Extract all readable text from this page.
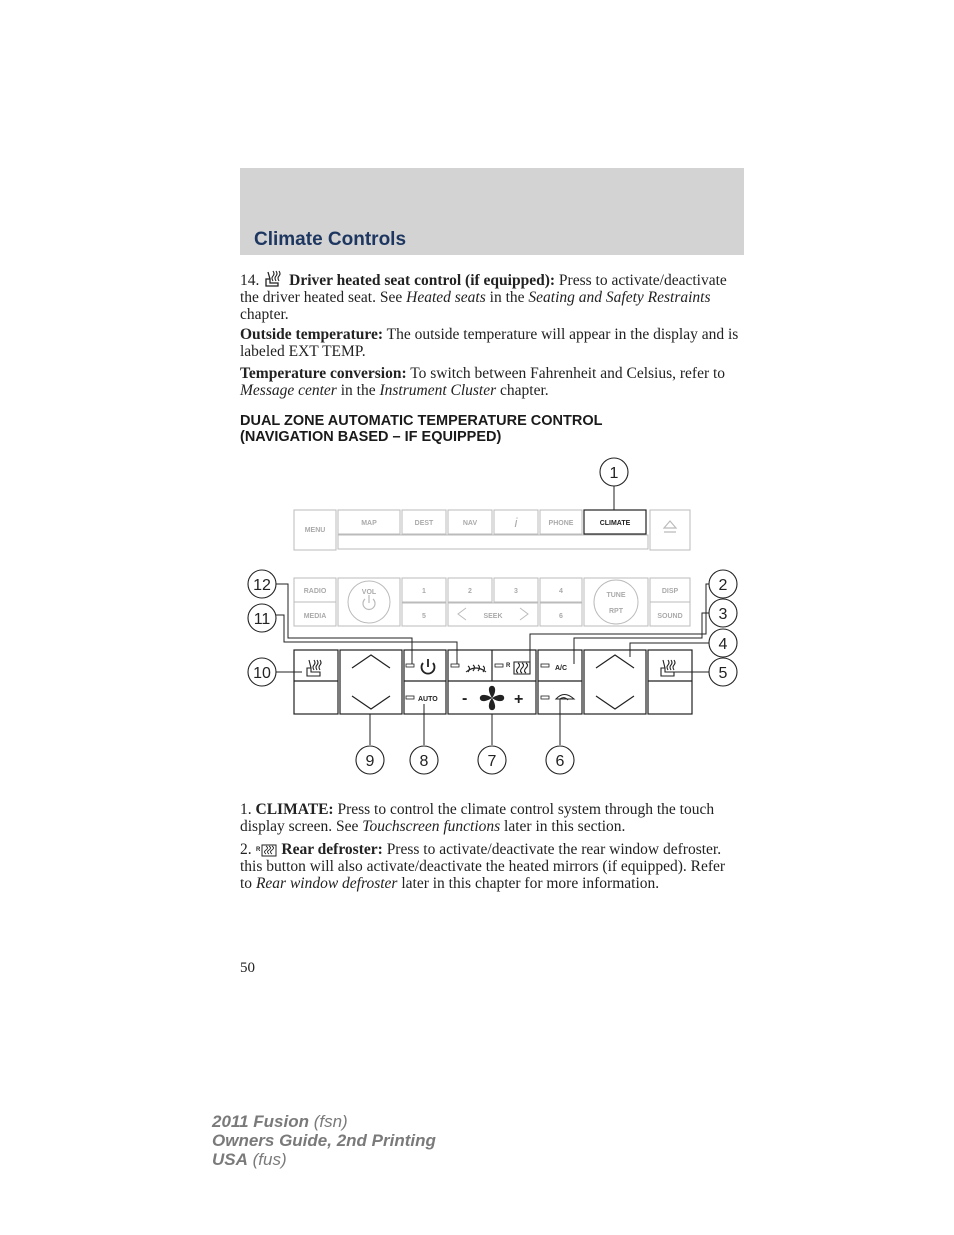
Climate Controls

14. Driver heated seat control (if equipped): Press to activate/deactivate the driver heated seat. See Heated seats in the Seating and Safety Restraints chapter.

Outside temperature: The outside temperature will appear in the display and is labeled EXT TEMP.

Temperature conversion: To switch between Fahrenheit and Celsius, refer to Message center in the Instrument Cluster chapter.

DUAL ZONE AUTOMATIC TEMPERATURE CONTROL
(NAVIGATION BASED – IF EQUIPPED)
MENU
MAP	DEST	NAV	i	PHONE	CLIMATE
RADIO
MEDIA
VOL	1	2	3	4
5	SEEK	6
TUNE
RPT
DISP
SOUND
R	A/C
AUTO -	+
1
2
3
4
5
6
7
8
9
10
11
12

1. CLIMATE: Press to control the climate control system through the touch display screen. See Touchscreen functions later in this section.

2. R Rear defroster: Press to activate/deactivate the rear window defroster. this button will also activate/deactivate the heated mirrors (if equipped). Refer to Rear window defroster later in this chapter for more information.

50
2011 Fusion (fsn)
Owners Guide, 2nd Printing
USA (fus)
